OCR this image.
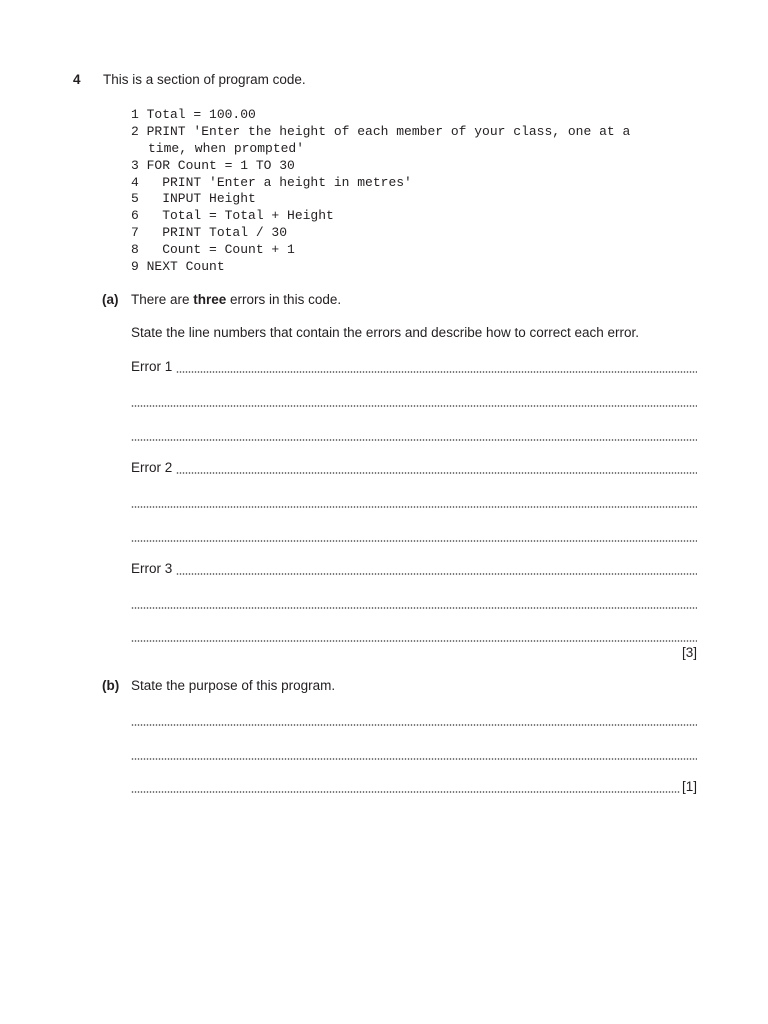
4 This is a section of program code.
1 Total = 100.00
2 PRINT 'Enter the height of each member of your class, one at a
time, when prompted'
3 FOR Count = 1 TO 30
4   PRINT 'Enter a height in metres'
5   INPUT Height
6   Total = Total + Height
7   PRINT Total / 30
8   Count = Count + 1
9 NEXT Count
(a) There are three errors in this code.
State the line numbers that contain the errors and describe how to correct each error.
Error 1
Error 2
Error 3
[3]
(b) State the purpose of this program.
[1]
